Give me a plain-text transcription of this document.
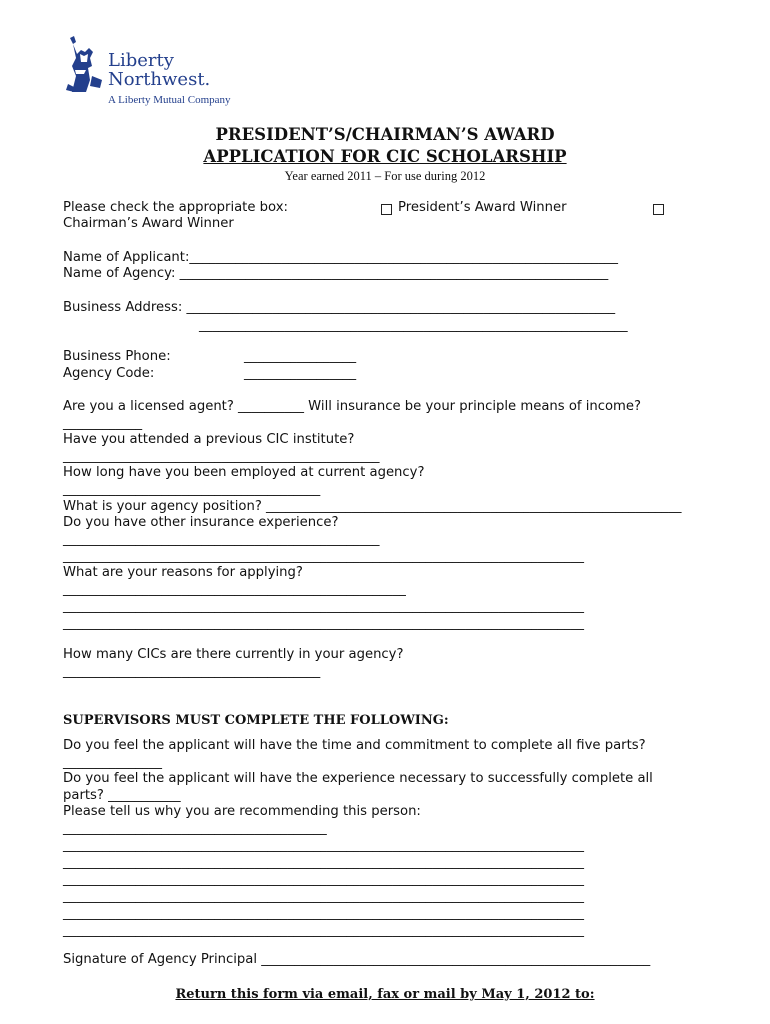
Liberty
Northwest.
A Liberty Mutual Company
PRESIDENT’S/CHAIRMAN’S AWARD
APPLICATION FOR CIC SCHOLARSHIP
Year earned 2011 – For use during 2012
Please check the appropriate box:	President’s Award Winner
Chairman’s Award Winner
Name of Applicant:_________________________________________________________________
Name of Agency: _________________________________________________________________
Business Address: _________________________________________________________________
_________________________________________________________________
Business Phone:	_________________
Agency Code:	_________________
Are you a licensed agent? __________ Will insurance be your principle means of income?
____________
Have you attended a previous CIC institute?
________________________________________________
How long have you been employed at current agency?
_______________________________________
What is your agency position? _______________________________________________________________
Do you have other insurance experience?
________________________________________________
_______________________________________________________________________________
What are your reasons for applying?
____________________________________________________
_______________________________________________________________________________
_______________________________________________________________________________
How many CICs are there currently in your agency?
_______________________________________
SUPERVISORS MUST COMPLETE THE FOLLOWING:
Do you feel the applicant will have the time and commitment to complete all five parts?
_______________
Do you feel the applicant will have the experience necessary to successfully complete all
parts? ___________
Please tell us why you are recommending this person:
________________________________________
_______________________________________________________________________________
_______________________________________________________________________________
_______________________________________________________________________________
_______________________________________________________________________________
_______________________________________________________________________________
_______________________________________________________________________________
Signature of Agency Principal ___________________________________________________________
Return this form via email, fax or mail by May 1, 2012 to:
